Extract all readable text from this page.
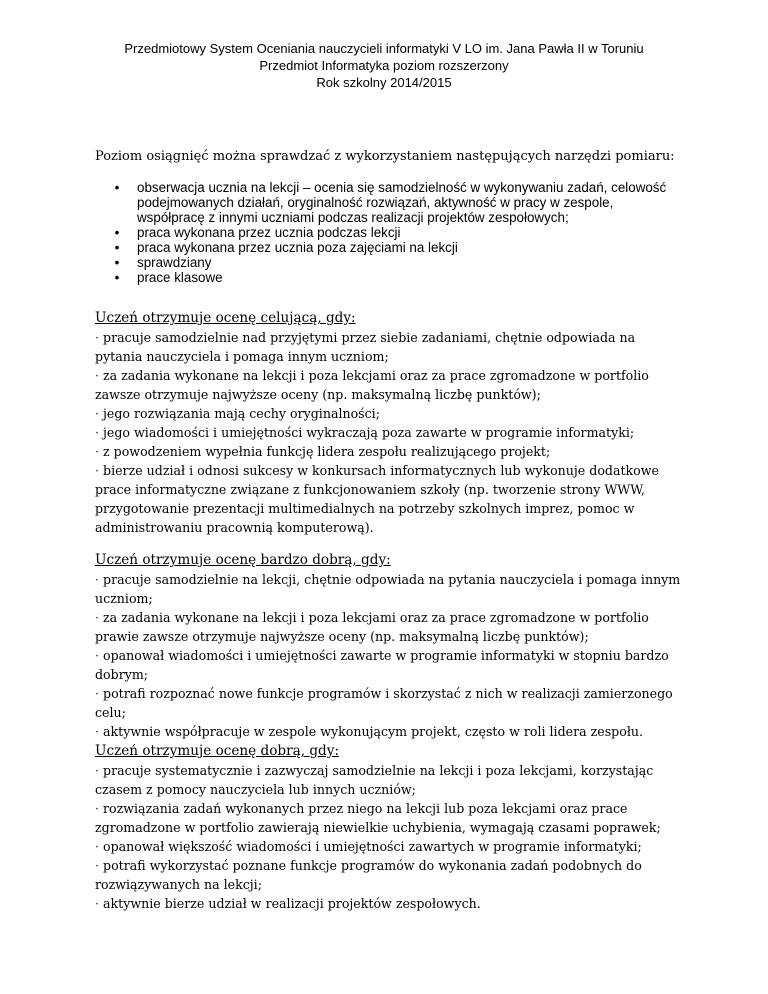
Przedmiotowy System Oceniania nauczycieli informatyki V LO im. Jana Pawła II w Toruniu
Przedmiot Informatyka poziom rozszerzony
Rok szkolny 2014/2015
Poziom osiągnięć można sprawdzać z wykorzystaniem następujących narzędzi pomiaru:
• obserwacja ucznia na lekcji – ocenia się samodzielność w wykonywaniu zadań, celowość podejmowanych działań, oryginalność rozwiązań, aktywność w pracy w zespole, współpracę z innymi uczniami podczas realizacji projektów zespołowych;
• praca wykonana przez ucznia podczas lekcji
• praca wykonana przez ucznia poza zajęciami na lekcji
• sprawdziany
• prace klasowe

Uczeń otrzymuje ocenę celującą, gdy:

· pracuje samodzielnie nad przyjętymi przez siebie zadaniami, chętnie odpowiada na pytania nauczyciela i pomaga innym uczniom;
· za zadania wykonane na lekcji i poza lekcjami oraz za prace zgromadzone w portfolio zawsze otrzymuje najwyższe oceny (np. maksymalną liczbę punktów);
· jego rozwiązania mają cechy oryginalności;
· jego wiadomości i umiejętności wykraczają poza zawarte w programie informatyki;
· z powodzeniem wypełnia funkcję lidera zespołu realizującego projekt;
· bierze udział i odnosi sukcesy w konkursach informatycznych lub wykonuje dodatkowe prace informatyczne związane z funkcjonowaniem szkoły (np. tworzenie strony WWW, przygotowanie prezentacji multimedialnych na potrzeby szkolnych imprez, pomoc w administrowaniu pracownią komputerową).

Uczeń otrzymuje ocenę bardzo dobrą, gdy:

· pracuje samodzielnie na lekcji, chętnie odpowiada na pytania nauczyciela i pomaga innym uczniom;
· za zadania wykonane na lekcji i poza lekcjami oraz za prace zgromadzone w portfolio prawie zawsze otrzymuje najwyższe oceny (np. maksymalną liczbę punktów);
· opanował wiadomości i umiejętności zawarte w programie informatyki w stopniu bardzo dobrym;
· potrafi rozpoznać nowe funkcje programów i skorzystać z nich w realizacji zamierzonego celu;
· aktywnie współpracuje w zespole wykonującym projekt, często w roli lidera zespołu.

Uczeń otrzymuje ocenę dobrą, gdy:

· pracuje systematycznie i zazwyczaj samodzielnie na lekcji i poza lekcjami, korzystając czasem z pomocy nauczyciela lub innych uczniów;
· rozwiązania zadań wykonanych przez niego na lekcji lub poza lekcjami oraz prace zgromadzone w portfolio zawierają niewielkie uchybienia, wymagają czasami poprawek;
· opanował większość wiadomości i umiejętności zawartych w programie informatyki;
· potrafi wykorzystać poznane funkcje programów do wykonania zadań podobnych do rozwiązywanych na lekcji;
· aktywnie bierze udział w realizacji projektów zespołowych.
